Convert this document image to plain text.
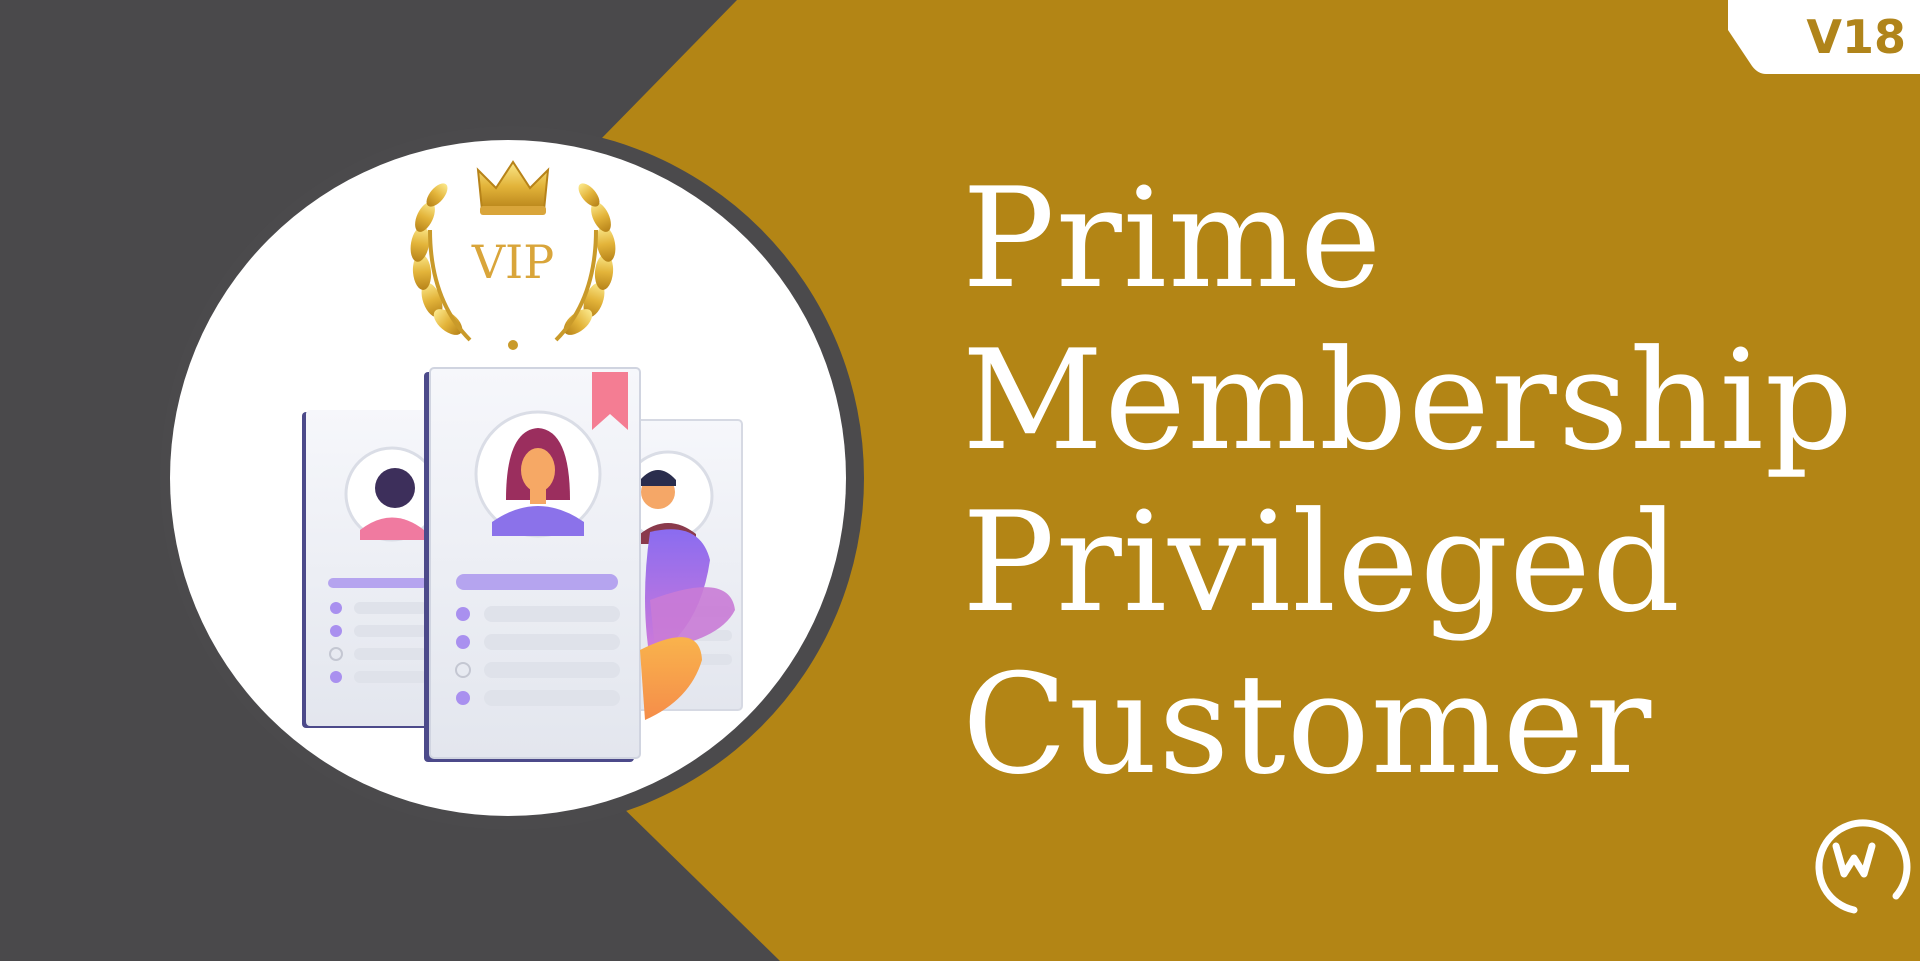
VIP
V18
Prime
Membership
Privileged
Customer
